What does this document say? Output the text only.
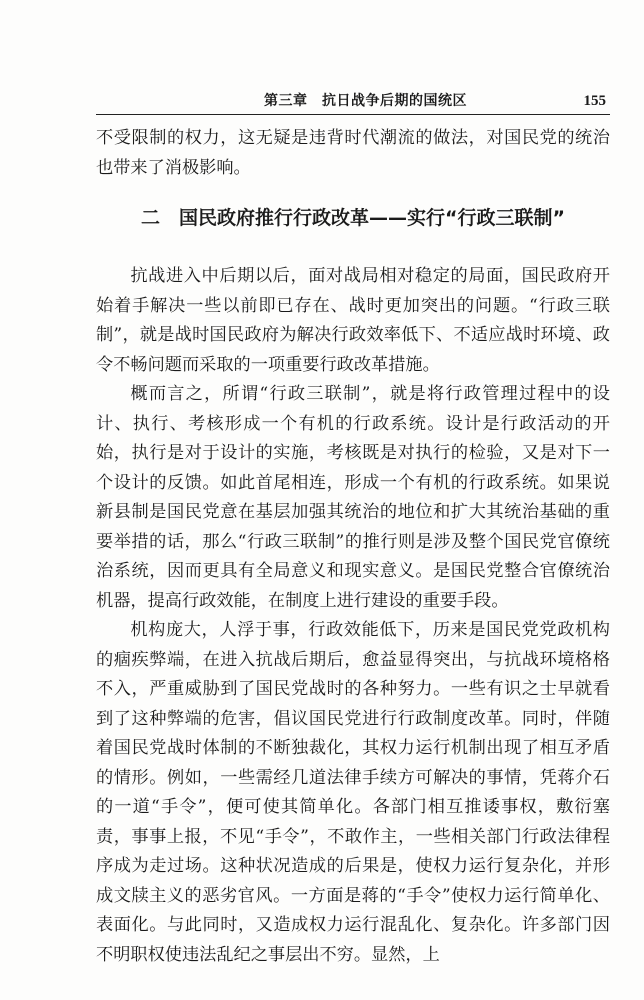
第三章　抗日战争后期的国统区	155

不受限制的权力，这无疑是违背时代潮流的做法，对国民党的统治也带来了消极影响。

二　国民政府推行行政改革——实行“行政三联制”

抗战进入中后期以后，面对战局相对稳定的局面，国民政府开始着手解决一些以前即已存在、战时更加突出的问题。“行政三联制”，就是战时国民政府为解决行政效率低下、不适应战时环境、政令不畅问题而采取的一项重要行政改革措施。

概而言之，所谓“行政三联制”，就是将行政管理过程中的设计、执行、考核形成一个有机的行政系统。设计是行政活动的开始，执行是对于设计的实施，考核既是对执行的检验，又是对下一个设计的反馈。如此首尾相连，形成一个有机的行政系统。如果说新县制是国民党意在基层加强其统治的地位和扩大其统治基础的重要举措的话，那么“行政三联制”的推行则是涉及整个国民党官僚统治系统，因而更具有全局意义和现实意义。是国民党整合官僚统治机器，提高行政效能，在制度上进行建设的重要手段。

机构庞大，人浮于事，行政效能低下，历来是国民党党政机构的痼疾弊端，在进入抗战后期后，愈益显得突出，与抗战环境格格不入，严重威胁到了国民党战时的各种努力。一些有识之士早就看到了这种弊端的危害，倡议国民党进行行政制度改革。同时，伴随着国民党战时体制的不断独裁化，其权力运行机制出现了相互矛盾的情形。例如，一些需经几道法律手续方可解决的事情，凭蒋介石的一道“手令”，便可使其简单化。各部门相互推诿事权，敷衍塞责，事事上报，不见“手令”，不敢作主，一些相关部门行政法律程序成为走过场。这种状况造成的后果是，使权力运行复杂化，并形成文牍主义的恶劣官风。一方面是蒋的“手令”使权力运行简单化、表面化。与此同时，又造成权力运行混乱化、复杂化。许多部门因不明职权使违法乱纪之事层出不穷。显然，上
